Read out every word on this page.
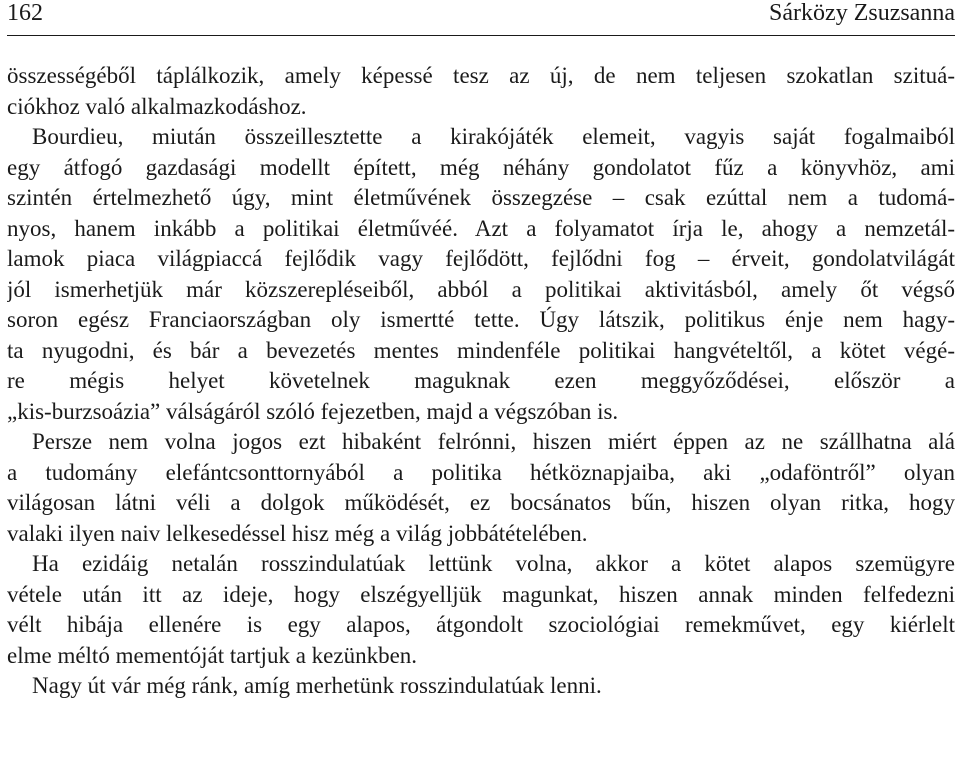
162	Sárközy Zsuzsanna
összességéből táplálkozik, amely képessé tesz az új, de nem teljesen szokatlan szituá-
ciókhoz való alkalmazkodáshoz.
Bourdieu, miután összeillesztette a kirakójáték elemeit, vagyis saját fogalmaiból
egy átfogó gazdasági modellt épített, még néhány gondolatot fűz a könyvhöz, ami
szintén értelmezhető úgy, mint életművének összegzése – csak ezúttal nem a tudomá-
nyos, hanem inkább a politikai életművéé. Azt a folyamatot írja le, ahogy a nemzetál-
lamok piaca világpiaccá fejlődik vagy fejlődött, fejlődni fog – érveit, gondolatvilágát
jól ismerhetjük már közszerepléseiből, abból a politikai aktivitásból, amely őt végső
soron egész Franciaországban oly ismertté tette. Úgy látszik, politikus énje nem hagy-
ta nyugodni, és bár a bevezetés mentes mindenféle politikai hangvételtől, a kötet végé-
re mégis helyet követelnek maguknak ezen meggyőződései, először a
„kis-burzsoázia” válságáról szóló fejezetben, majd a végszóban is.
Persze nem volna jogos ezt hibaként felrónni, hiszen miért éppen az ne szállhatna alá
a tudomány elefántcsonttornyából a politika hétköznapjaiba, aki „odaföntről” olyan
világosan látni véli a dolgok működését, ez bocsánatos bűn, hiszen olyan ritka, hogy
valaki ilyen naiv lelkesedéssel hisz még a világ jobbátételében.
Ha ezidáig netalán rosszindulatúak lettünk volna, akkor a kötet alapos szemügyre
vétele után itt az ideje, hogy elszégyelljük magunkat, hiszen annak minden felfedezni
vélt hibája ellenére is egy alapos, átgondolt szociológiai remekművet, egy kiérlelt
elme méltó mementóját tartjuk a kezünkben.
Nagy út vár még ránk, amíg merhetünk rosszindulatúak lenni.
